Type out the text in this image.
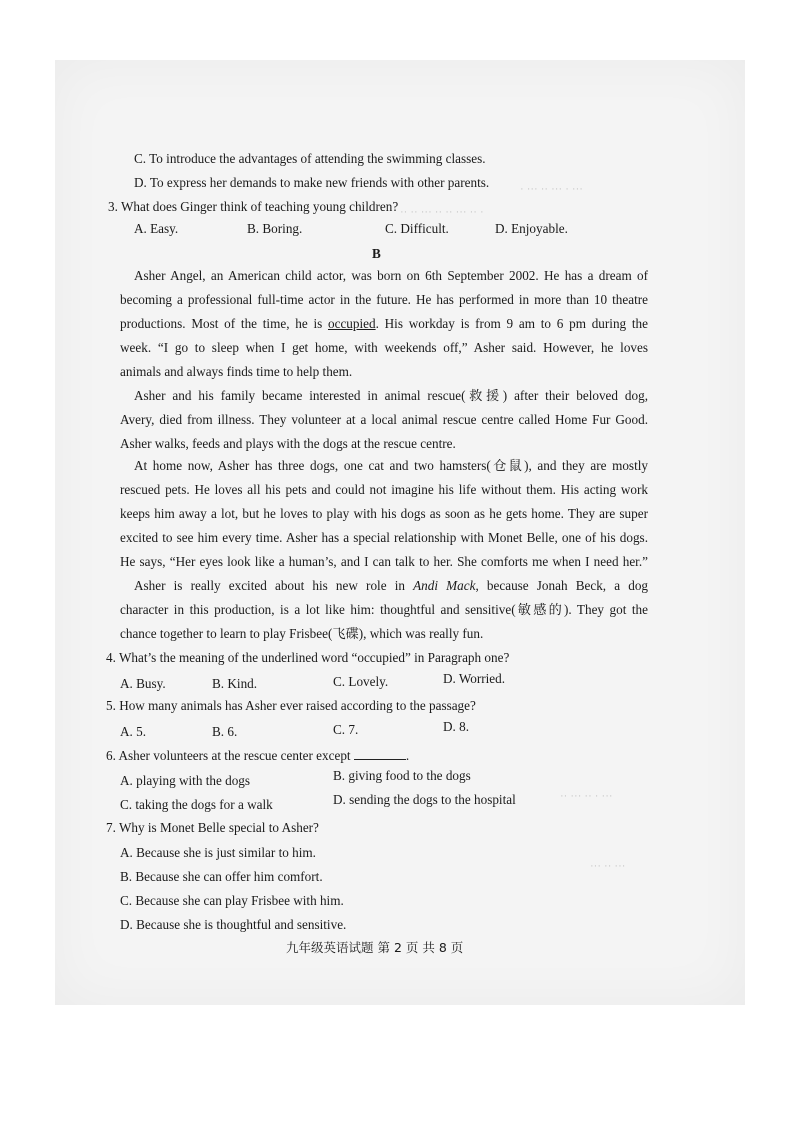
· ··· ·· ··· · ···
·· ·· ··· ·· ·· ··· ·· ·
·· ··· ·· · ···
··· ·· ···
C. To introduce the advantages of attending the swimming classes.
D. To express her demands to make new friends with other parents.
3. What does Ginger think of teaching young children?
A. Easy.	B. Boring.	C. Difficult.	D. Enjoyable.
B
Asher Angel, an American child actor, was born on 6th September 2002. He has a dream of
becoming a professional full-time actor in the future. He has performed in more than 10 theatre
productions. Most of the time, he is occupied. His workday is from 9 am to 6 pm during the
week. “I go to sleep when I get home, with weekends off,” Asher said. However, he loves
animals and always finds time to help them.
Asher and his family became interested in animal rescue(救援) after their beloved dog,
Avery, died from illness. They volunteer at a local animal rescue centre called Home Fur Good.
Asher walks, feeds and plays with the dogs at the rescue centre.
At home now, Asher has three dogs, one cat and two hamsters(仓鼠), and they are mostly
rescued pets. He loves all his pets and could not imagine his life without them. His acting work
keeps him away a lot, but he loves to play with his dogs as soon as he gets home. They are super
excited to see him every time. Asher has a special relationship with Monet Belle, one of his dogs.
He says, “Her eyes look like a human’s, and I can talk to her. She comforts me when I need her.”
Asher is really excited about his new role in Andi Mack, because Jonah Beck, a dog
character in this production, is a lot like him: thoughtful and sensitive(敏感的). They got the
chance together to learn to play Frisbee(飞碟), which was really fun.
4. What’s the meaning of the underlined word “occupied” in Paragraph one?
A. Busy.	B. Kind.	C. Lovely.	D. Worried.
5. How many animals has Asher ever raised according to the passage?
A. 5.	B. 6.	C. 7.	D. 8.
6. Asher volunteers at the rescue center except	.
A. playing with the dogs	B. giving food to the dogs
C. taking the dogs for a walk	D. sending the dogs to the hospital
7. Why is Monet Belle special to Asher?
A. Because she is just similar to him.
B. Because she can offer him comfort.
C. Because she can play Frisbee with him.
D. Because she is thoughtful and sensitive.
九年级英语试题 第 2 页 共 8 页
